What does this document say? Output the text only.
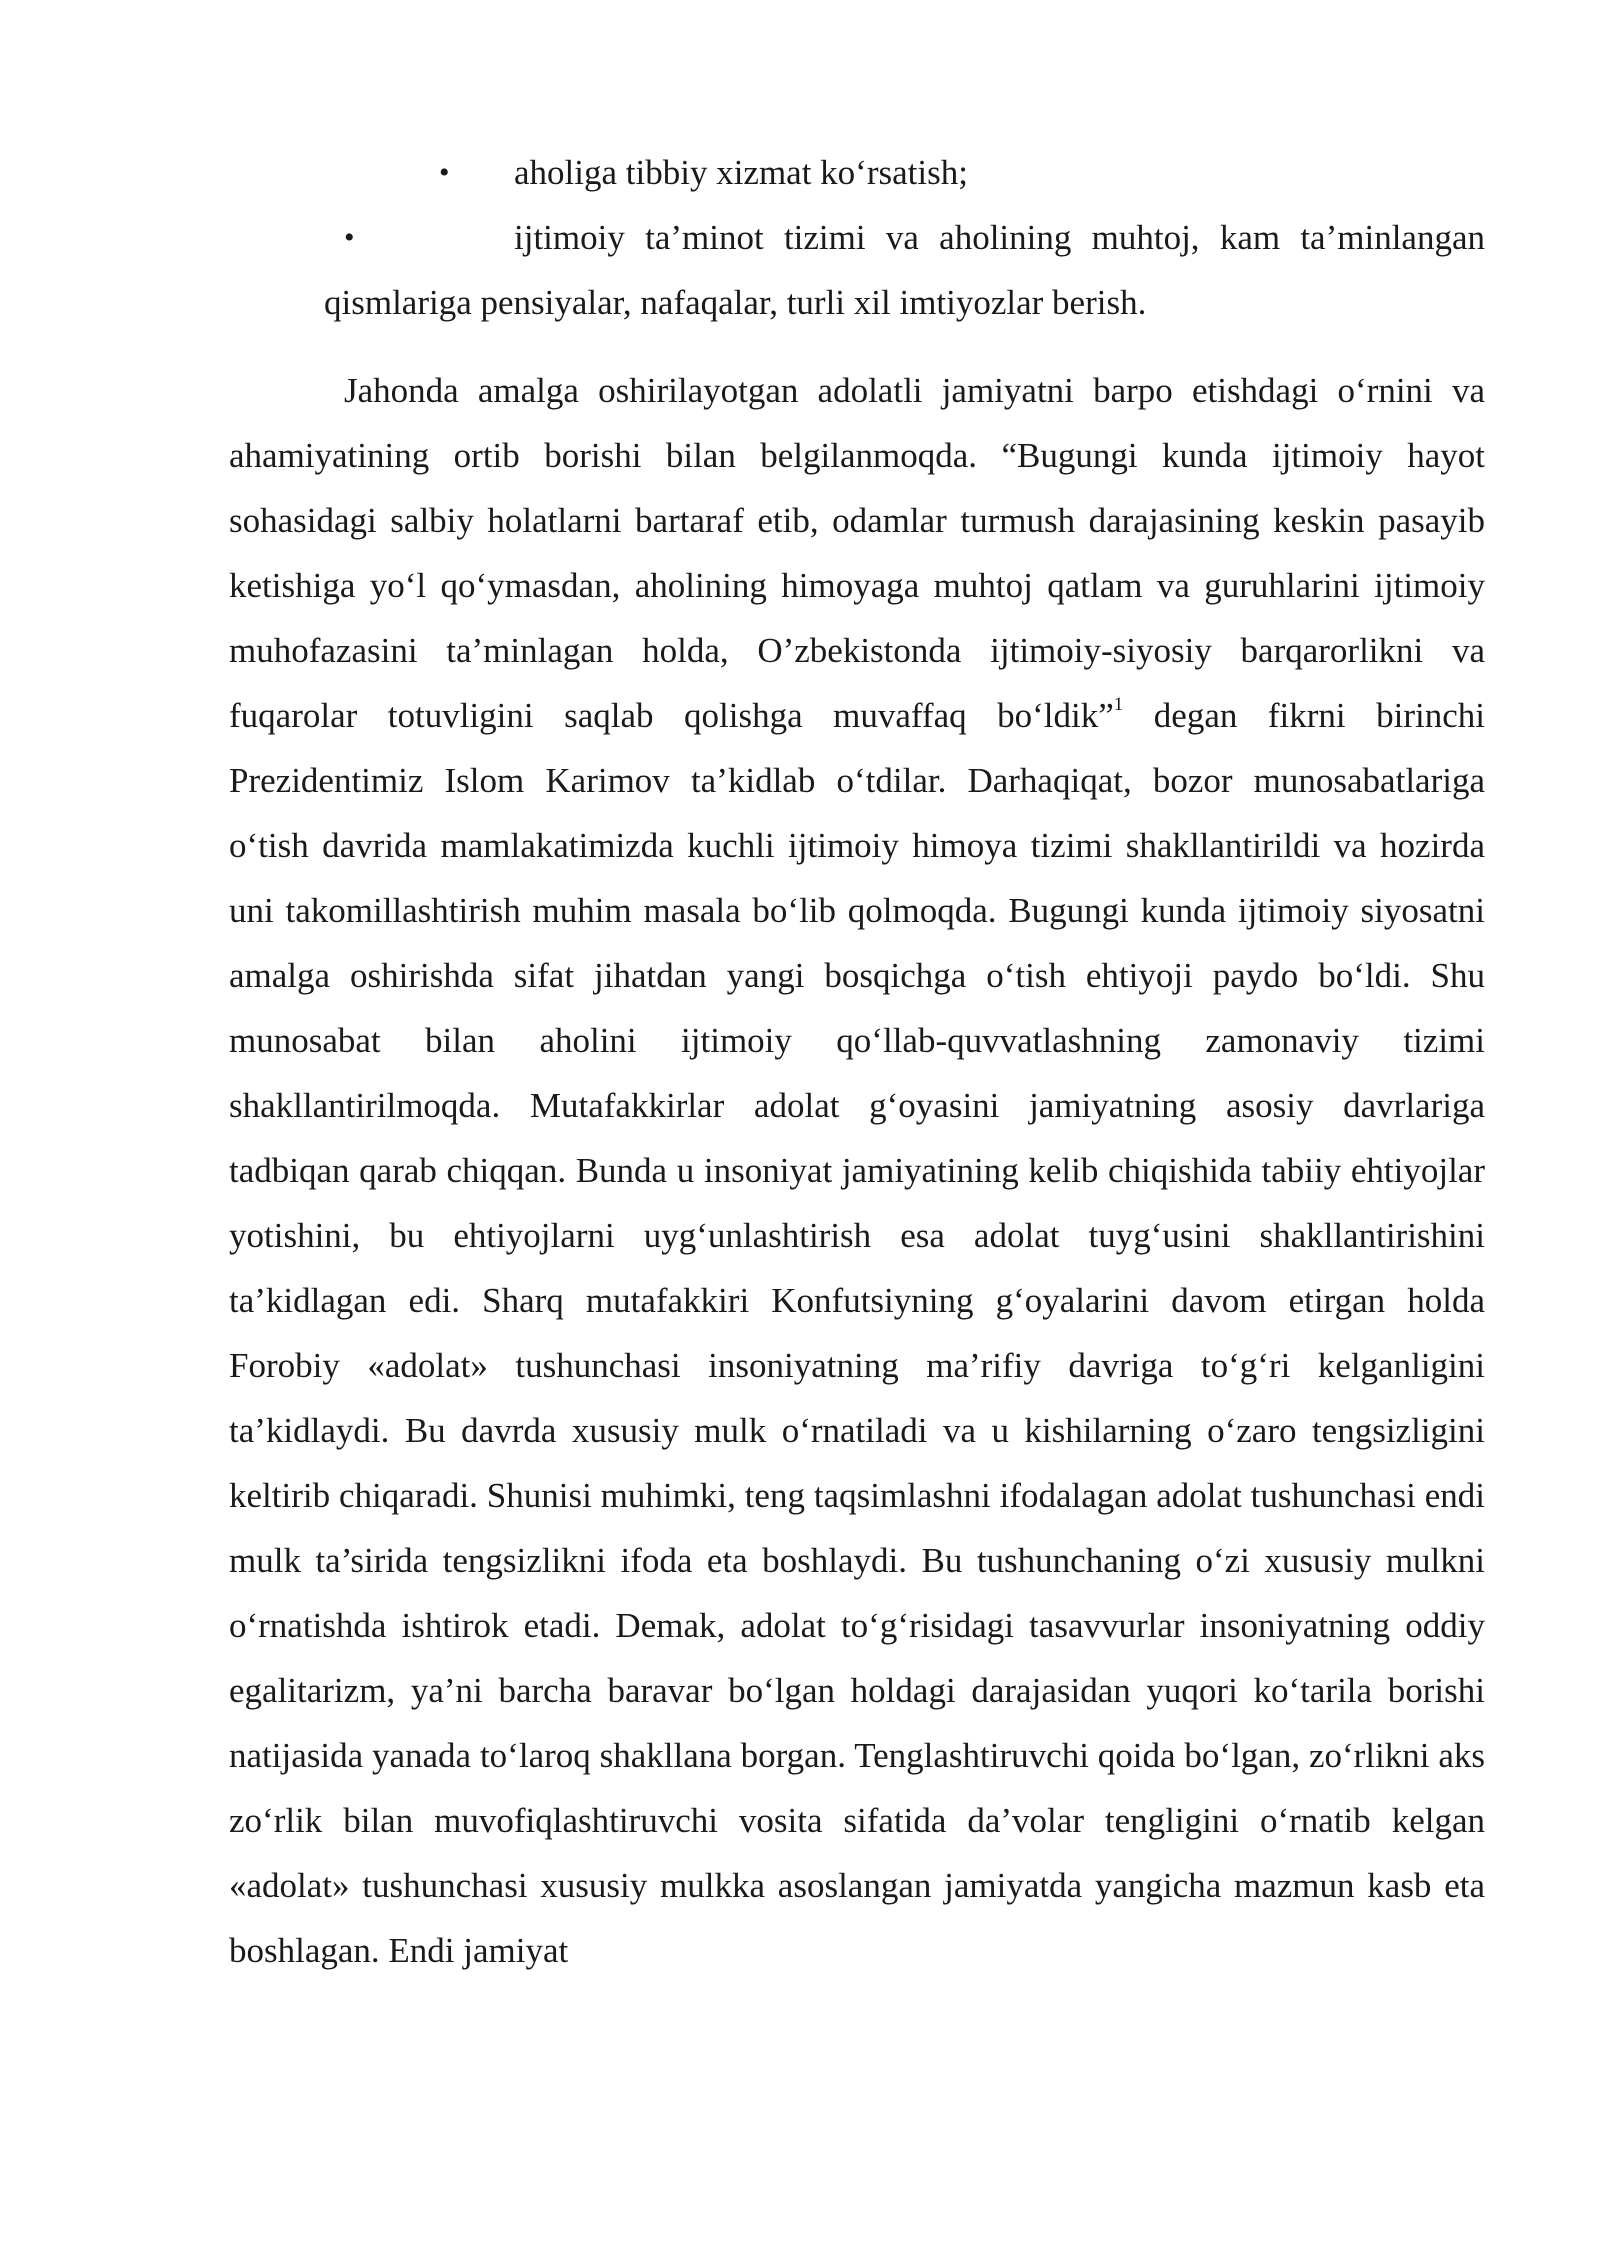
•	aholiga tibbiy xizmat ko‘rsatish;
•	ijtimoiy ta’minot tizimi va aholining muhtoj, kam ta’minlangan qismlariga pensiyalar, nafaqalar, turli xil imtiyozlar berish.

Jahonda amalga oshirilayotgan adolatli jamiyatni barpo etishdagi o‘rnini va ahamiyatining ortib borishi bilan belgilanmoqda. “Bugungi kunda ijtimoiy hayot sohasidagi salbiy holatlarni bartaraf etib, odamlar turmush darajasining keskin pasayib ketishiga yo‘l qo‘ymasdan, aholining himoyaga muhtoj qatlam va guruhlarini ijtimoiy muhofazasini ta’minlagan holda, O’zbekistonda ijtimoiy-siyosiy barqarorlikni va fuqarolar totuvligini saqlab qolishga muvaffaq bo‘ldik”$^1$ degan fikrni birinchi Prezidentimiz Islom Karimov ta’kidlab o‘tdilar. Darhaqiqat, bozor munosabatlariga o‘tish davrida mamlakatimizda kuchli ijtimoiy himoya tizimi shakllantirildi va hozirda uni takomillashtirish muhim masala bo‘lib qolmoqda. Bugungi kunda ijtimoiy siyosatni amalga oshirishda sifat jihatdan yangi bosqichga o‘tish ehtiyoji paydo bo‘ldi. Shu munosabat bilan aholini ijtimoiy qo‘llab-quvvatlashning zamonaviy tizimi shakllantirilmoqda. Mutafakkirlar adolat g‘oyasini jamiyatning asosiy davrlariga tadbiqan qarab chiqqan. Bunda u insoniyat jamiyatining kelib chiqishida tabiiy ehtiyojlar yotishini, bu ehtiyojlarni uyg‘unlashtirish esa adolat tuyg‘usini shakllantirishini ta’kidlagan edi. Sharq mutafakkiri Konfutsiyning g‘oyalarini davom etirgan holda Forobiy «adolat» tushunchasi insoniyatning ma’rifiy davriga to‘g‘ri kelganligini ta’kidlaydi. Bu davrda xususiy mulk o‘rnatiladi va u kishilarning o‘zaro tengsizligini keltirib chiqaradi. Shunisi muhimki, teng taqsimlashni ifodalagan adolat tushunchasi endi mulk ta’sirida tengsizlikni ifoda eta boshlaydi. Bu tushunchaning o‘zi xususiy mulkni o‘rnatishda ishtirok etadi. Demak, adolat to‘g‘risidagi tasavvurlar insoniyatning oddiy egalitarizm, ya’ni barcha baravar bo‘lgan holdagi darajasidan yuqori ko‘tarila borishi natijasida yanada to‘laroq shakllana borgan. Tenglashtiruvchi qoida bo‘lgan, zo‘rlikni aks zo‘rlik bilan muvofiqlashtiruvchi vosita sifatida da’volar tengligini o‘rnatib kelgan «adolat» tushunchasi xususiy mulkka asoslangan jamiyatda yangicha mazmun kasb eta boshlagan. Endi jamiyat
